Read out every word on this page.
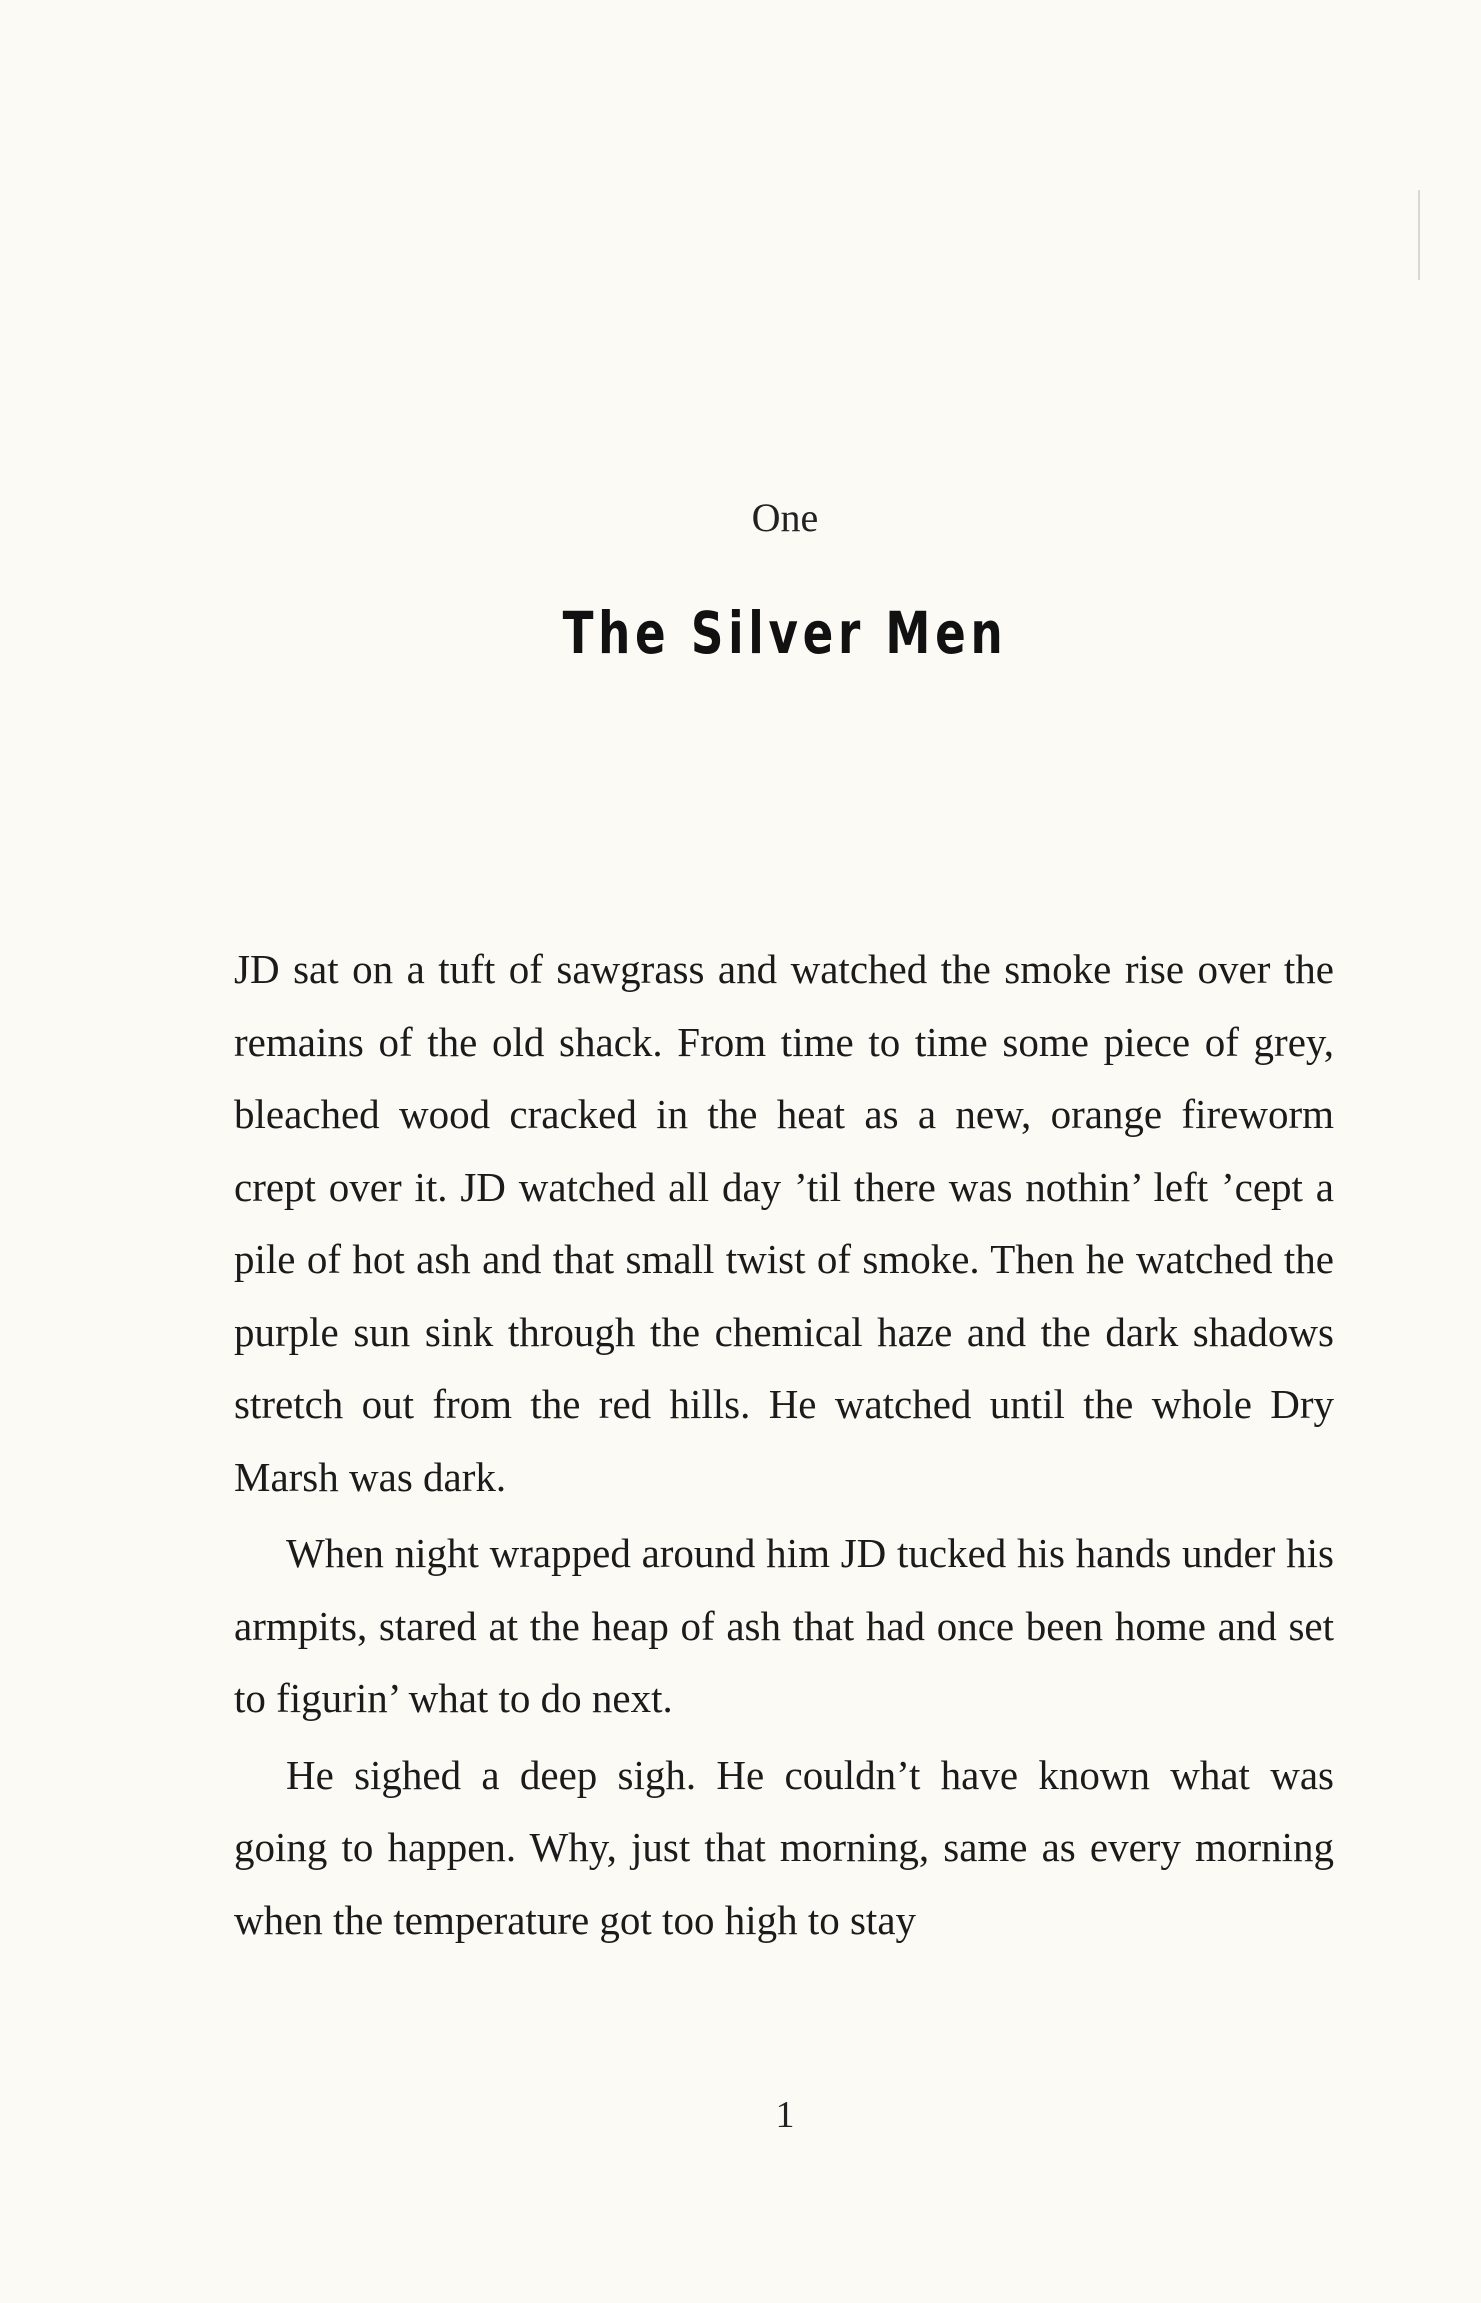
One
The Silver Men

JD sat on a tuft of sawgrass and watched the smoke rise over the remains of the old shack. From time to time some piece of grey, bleached wood cracked in the heat as a new, orange fireworm crept over it. JD watched all day ’til there was nothin’ left ’cept a pile of hot ash and that small twist of smoke. Then he watched the purple sun sink through the chemical haze and the dark shadows stretch out from the red hills. He watched until the whole Dry Marsh was dark.

When night wrapped around him JD tucked his hands under his armpits, stared at the heap of ash that had once been home and set to figurin’ what to do next.

He sighed a deep sigh. He couldn’t have known what was going to happen. Why, just that morning, same as every morning when the temperature got too high to stay

1
